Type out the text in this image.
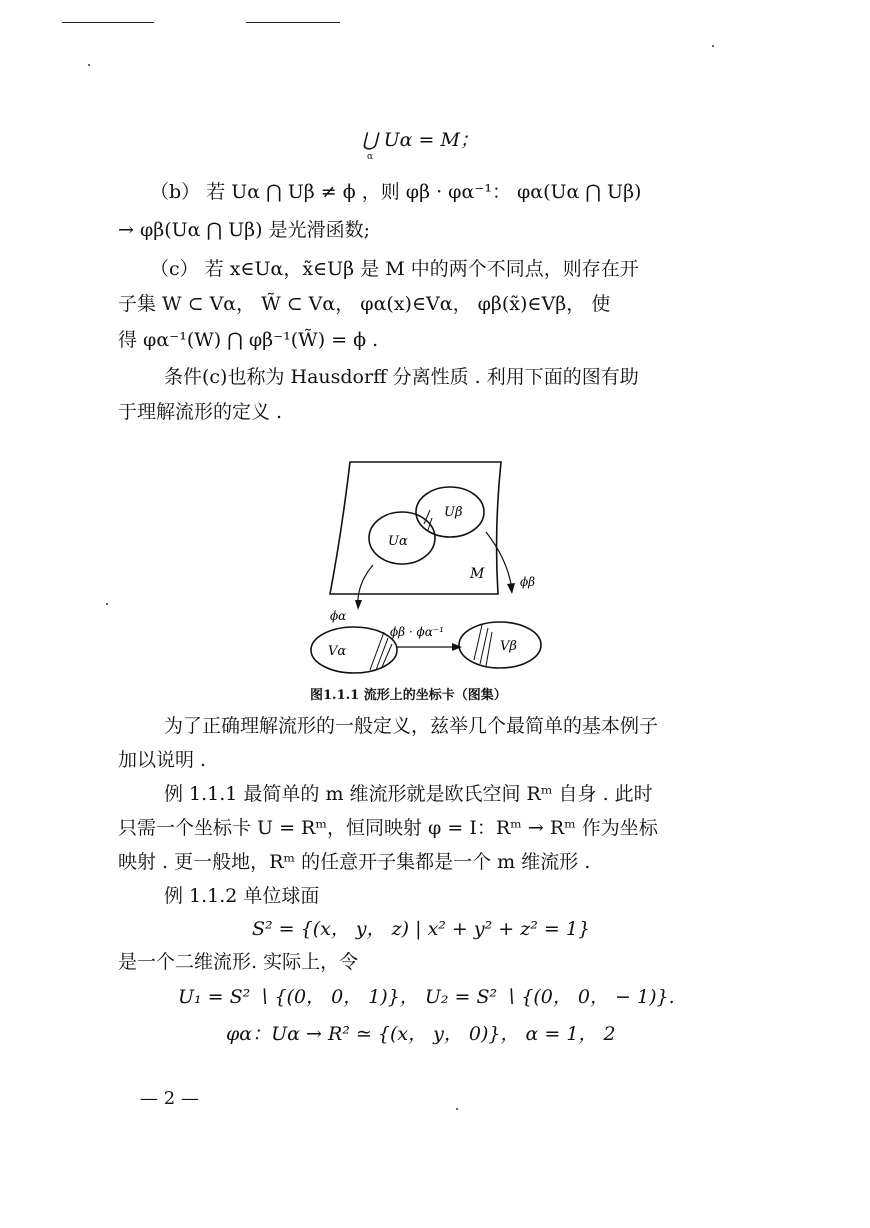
⋃ Uα = M；
α
（b） 若 Uα ⋂ Uβ ≠ ϕ ，则 φβ · φα⁻¹： φα(Uα ⋂ Uβ)
→ φβ(Uα ⋂ Uβ) 是光滑函数;
（c） 若 x∈Uα，x̃∈Uβ 是 M 中的两个不同点，则存在开
子集 W ⊂ Vα， W̃ ⊂ Vα， φα(x)∈Vα， φβ(x̃)∈Vβ， 使
得 φα⁻¹(W) ⋂ φβ⁻¹(W̃) = ϕ .
条件(c)也称为 Hausdorff 分离性质 . 利用下面的图有助
于理解流形的定义 .
Uβ
Uα
M	ϕβ
ϕα
ϕβ · ϕα⁻¹
Vα	Vβ
图1.1.1 流形上的坐标卡（图集）
为了正确理解流形的一般定义，兹举几个最简单的基本例子
加以说明 .
例 1.1.1 最简单的 m 维流形就是欧氏空间 Rᵐ 自身 . 此时
只需一个坐标卡 U = Rᵐ，恒同映射 φ = I：Rᵐ → Rᵐ 作为坐标
映射 . 更一般地，Rᵐ 的任意开子集都是一个 m 维流形 .
例 1.1.2 单位球面
S² = {(x， y， z) | x² + y² + z² = 1}
是一个二维流形. 实际上，令
U₁ = S² ∖ {(0， 0， 1)}， U₂ = S² ∖ {(0， 0， − 1)}.
φα：Uα → R² ≃ {(x， y， 0)}， α = 1， 2
— 2 —
